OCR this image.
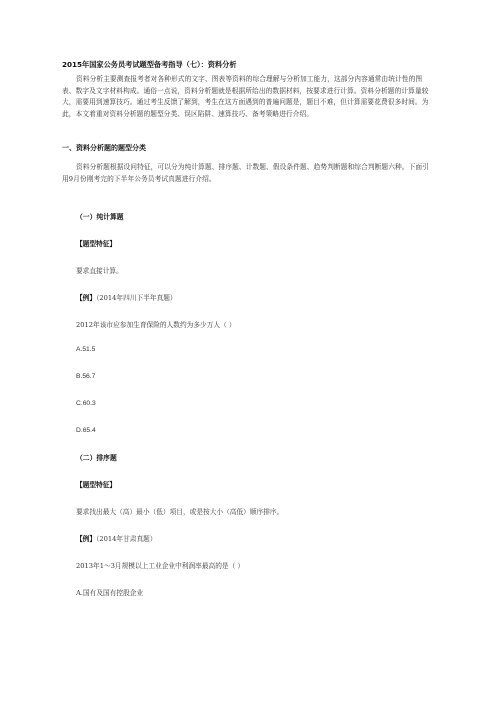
2015年国家公务员考试题型备考指导（七）：资料分析
资料分析主要测查报考者对各种形式的文字、图表等资料的综合理解与分析加工能力，这部分内容通常由统计性的图表、数字及文字材料构成。通俗一点说，资料分析题就是根据所给出的数据材料，按要求进行计算。资料分析题的计算量较大，需要用到速算技巧。通过考生反馈了解到，考生在这方面遇到的普遍问题是，题目不难，但计算需要花费很多时间。为此，本文着重对资料分析题的题型分类、误区陷阱、速算技巧、备考策略进行介绍。
一、资料分析题的题型分类
资料分析题根据设问特征，可以分为纯计算题、排序题、计数题、假设条件题、趋势判断题和综合判断题六种。下面引用9月份刚考完的下半年公务员考试真题进行介绍。
（一）纯计算题
【题型特征】
要求直接计算。
【例】（2014年四川下半年真题）
2012年该市应参加生育保险的人数约为多少万人（ ）
A.51.5
B.56.7
C.60.3
D.65.4
（二）排序题
【题型特征】
要求找出最大（高）最小（低）项目，或是按大小（高低）顺序排序。
【例】（2014年甘肃真题）
2013年1～3月规模以上工业企业中利润率最高的是（ ）
A.国有及国有控股企业
